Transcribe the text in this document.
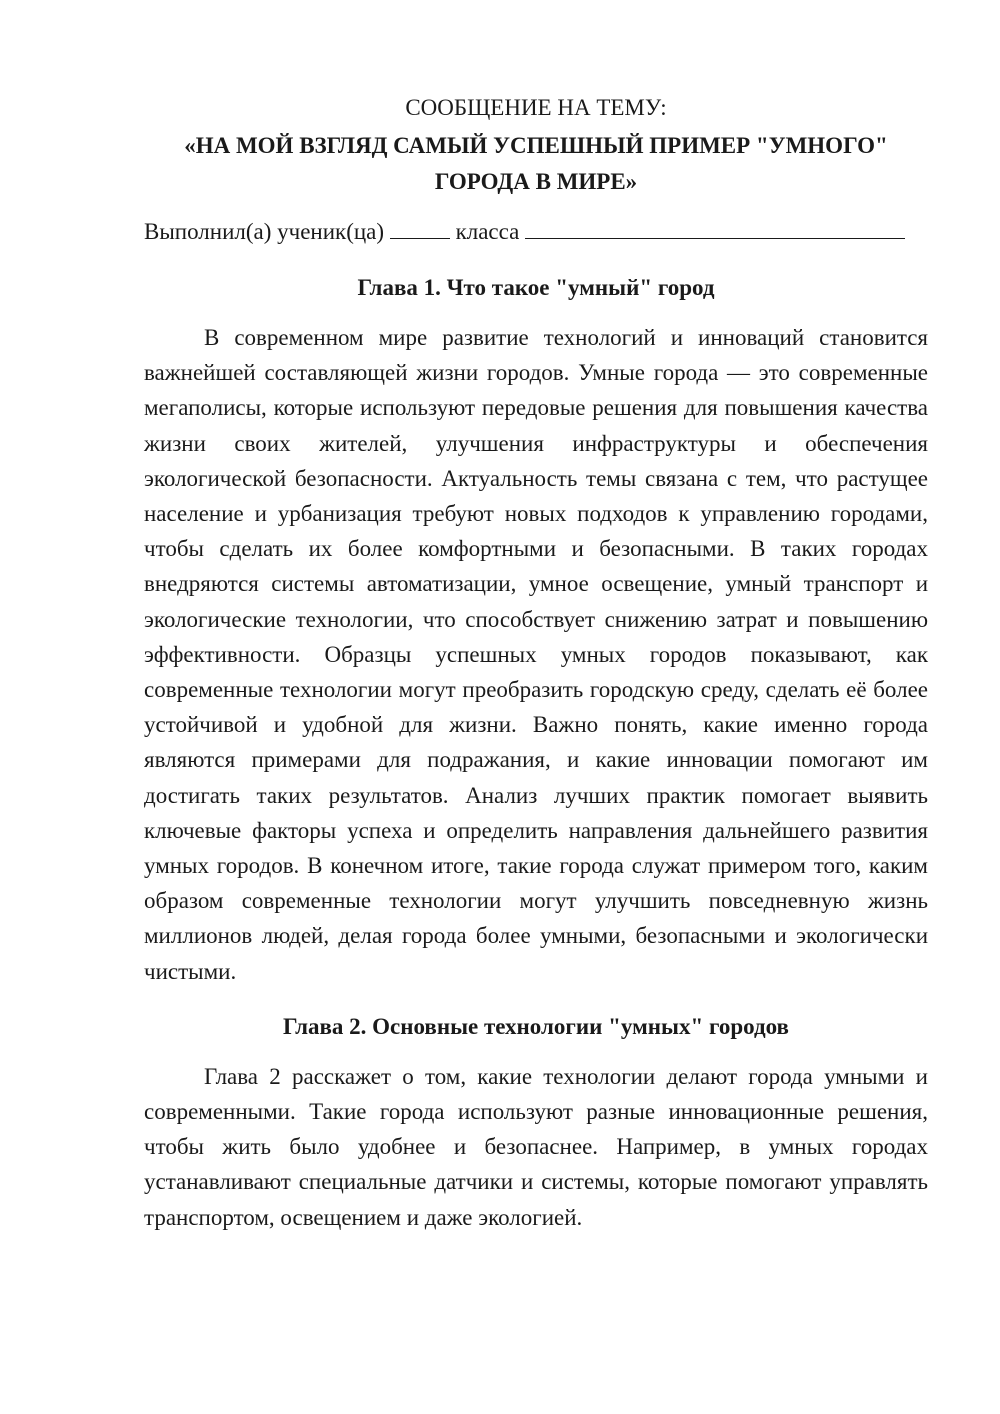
СООБЩЕНИЕ НА ТЕМУ:

«НА МОЙ ВЗГЛЯД САМЫЙ УСПЕШНЫЙ ПРИМЕР "УМНОГО" ГОРОДА В МИРЕ»

Выполнил(а) ученик(ца)	класса

Глава 1. Что такое "умный" город

В современном мире развитие технологий и инноваций становится важнейшей составляющей жизни городов. Умные города — это современные мегаполисы, которые используют передовые решения для повышения качества жизни своих жителей, улучшения инфраструктуры и обеспечения экологической безопасности. Актуальность темы связана с тем, что растущее население и урбанизация требуют новых подходов к управлению городами, чтобы сделать их более комфортными и безопасными. В таких городах внедряются системы автоматизации, умное освещение, умный транспорт и экологические технологии, что способствует снижению затрат и повышению эффективности. Образцы успешных умных городов показывают, как современные технологии могут преобразить городскую среду, сделать её более устойчивой и удобной для жизни. Важно понять, какие именно города являются примерами для подражания, и какие инновации помогают им достигать таких результатов. Анализ лучших практик помогает выявить ключевые факторы успеха и определить направления дальнейшего развития умных городов. В конечном итоге, такие города служат примером того, каким образом современные технологии могут улучшить повседневную жизнь миллионов людей, делая города более умными, безопасными и экологически чистыми.

Глава 2. Основные технологии "умных" городов

Глава 2 расскажет о том, какие технологии делают города умными и современными. Такие города используют разные инновационные решения, чтобы жить было удобнее и безопаснее. Например, в умных городах устанавливают специальные датчики и системы, которые помогают управлять транспортом, освещением и даже экологией.
